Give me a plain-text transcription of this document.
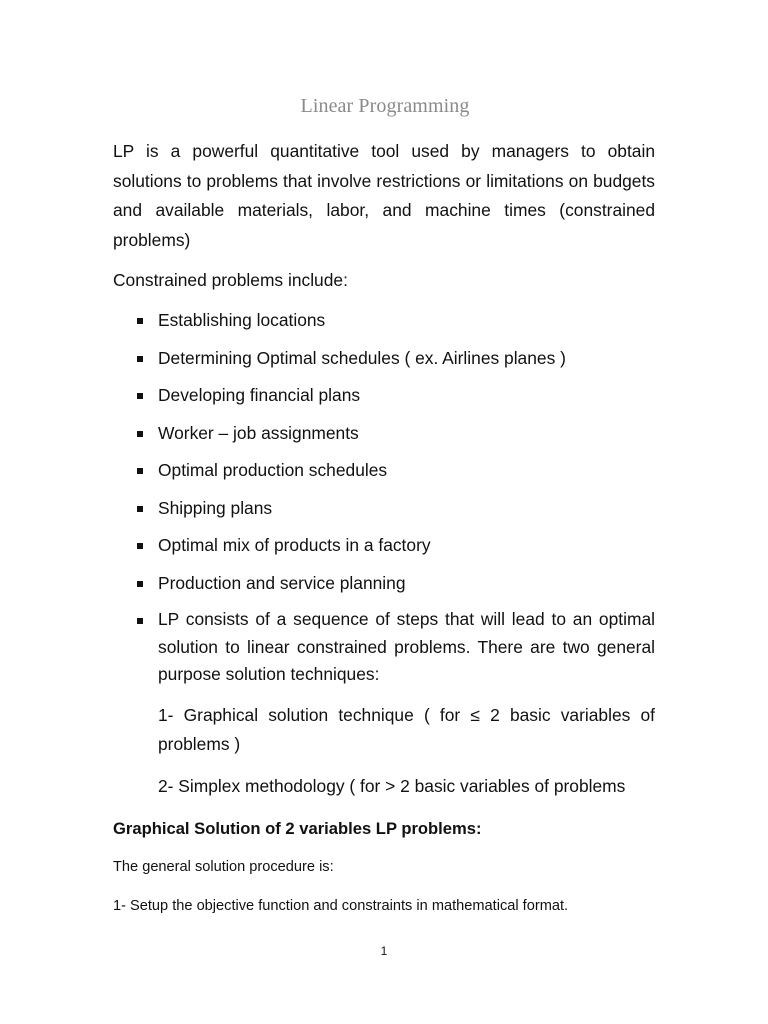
Linear Programming
LP is a powerful quantitative tool used by managers to obtain solutions to problems that involve restrictions or limitations on budgets and available materials, labor, and machine times (constrained problems)
Constrained problems include:
Establishing locations
Determining Optimal schedules ( ex. Airlines planes )
Developing financial plans
Worker – job assignments
Optimal production schedules
Shipping plans
Optimal mix of products in a factory
Production and service planning
LP consists of a sequence of steps that will lead to an optimal solution to linear constrained problems. There are two general purpose solution techniques:
1- Graphical solution technique ( for ≤ 2 basic variables of problems )
2- Simplex methodology ( for > 2 basic variables of problems
Graphical Solution of 2 variables LP problems:
The general solution procedure is:
1- Setup the objective function and constraints in mathematical format.
1
